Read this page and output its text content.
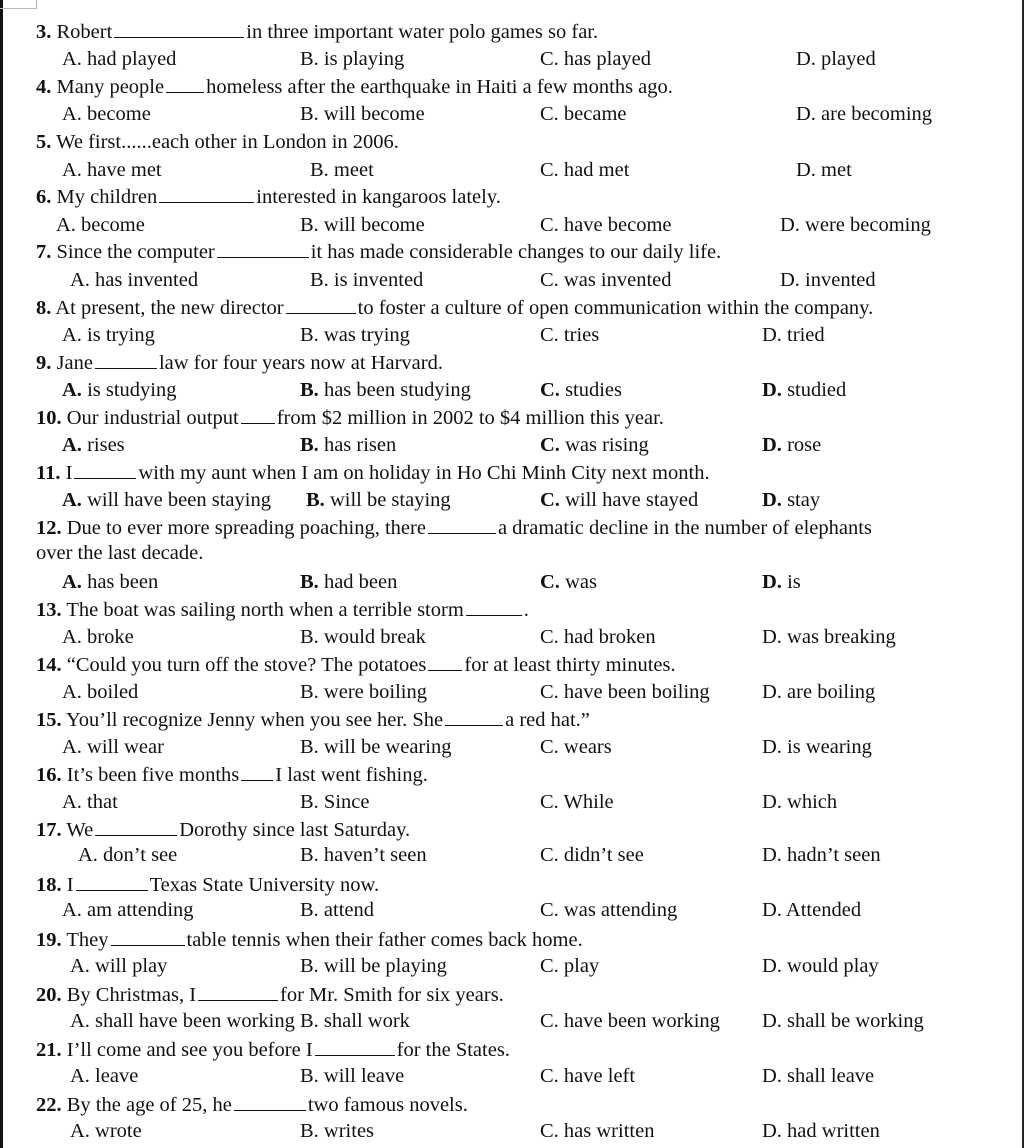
3. Robert	in three important water polo games so far.
A. had played	B. is playing	C. has played	D. played
4. Many people homeless after the earthquake in Haiti a few months ago.
A. become	B. will become	C. became	D. are becoming
5. We first......each other in London in 2006.
A. have met	B. meet	C. had met	D. met
6. My children	interested in kangaroos lately.
A. become	B. will become	C. have become	D. were becoming
7. Since the computer	it has made considerable changes to our daily life.
A. has invented	B. is invented	C. was invented	D. invented
8. At present, the new director	to foster a culture of open communication within the company.
A. is trying	B. was trying	C. tries	D. tried
9. Jane	law for four years now at Harvard.
A. is studying	B. has been studying	C. studies	D. studied
10. Our industrial output from $2 million in 2002 to $4 million this year.
A. rises	B. has risen	C. was rising	D. rose
11. I	with my aunt when I am on holiday in Ho Chi Minh City next month.
A. will have been staying B. will be staying	C. will have stayed	D. stay
12. Due to ever more spreading poaching, there	a dramatic decline in the number of elephants
over the last decade.
A. has been	B. had been	C. was	D. is
13. The boat was sailing north when a terrible storm	.
A. broke	B. would break	C. had broken	D. was breaking
14. “Could you turn off the stove? The potatoes for at least thirty minutes.
A. boiled	B. were boiling	C. have been boiling	D. are boiling
15. You’ll recognize Jenny when you see her. She	a red hat.”
A. will wear	B. will be wearing	C. wears	D. is wearing
16. It’s been five months I last went fishing.
A. that	B. Since	C. While	D. which
17. We	Dorothy since last Saturday.
A. don’t see	B. haven’t seen	C. didn’t see	D. hadn’t seen
18. I	Texas State University now.
A. am attending	B. attend	C. was attending	D. Attended
19. They	table tennis when their father comes back home.
A. will play	B. will be playing	C. play	D. would play
20. By Christmas, I	for Mr. Smith for six years.
A. shall have been working B. shall work	C. have been working D. shall be working
21. I’ll come and see you before I	for the States.
A. leave	B. will leave	C. have left	D. shall leave
22. By the age of 25, he	two famous novels.
A. wrote	B. writes	C. has written	D. had written
